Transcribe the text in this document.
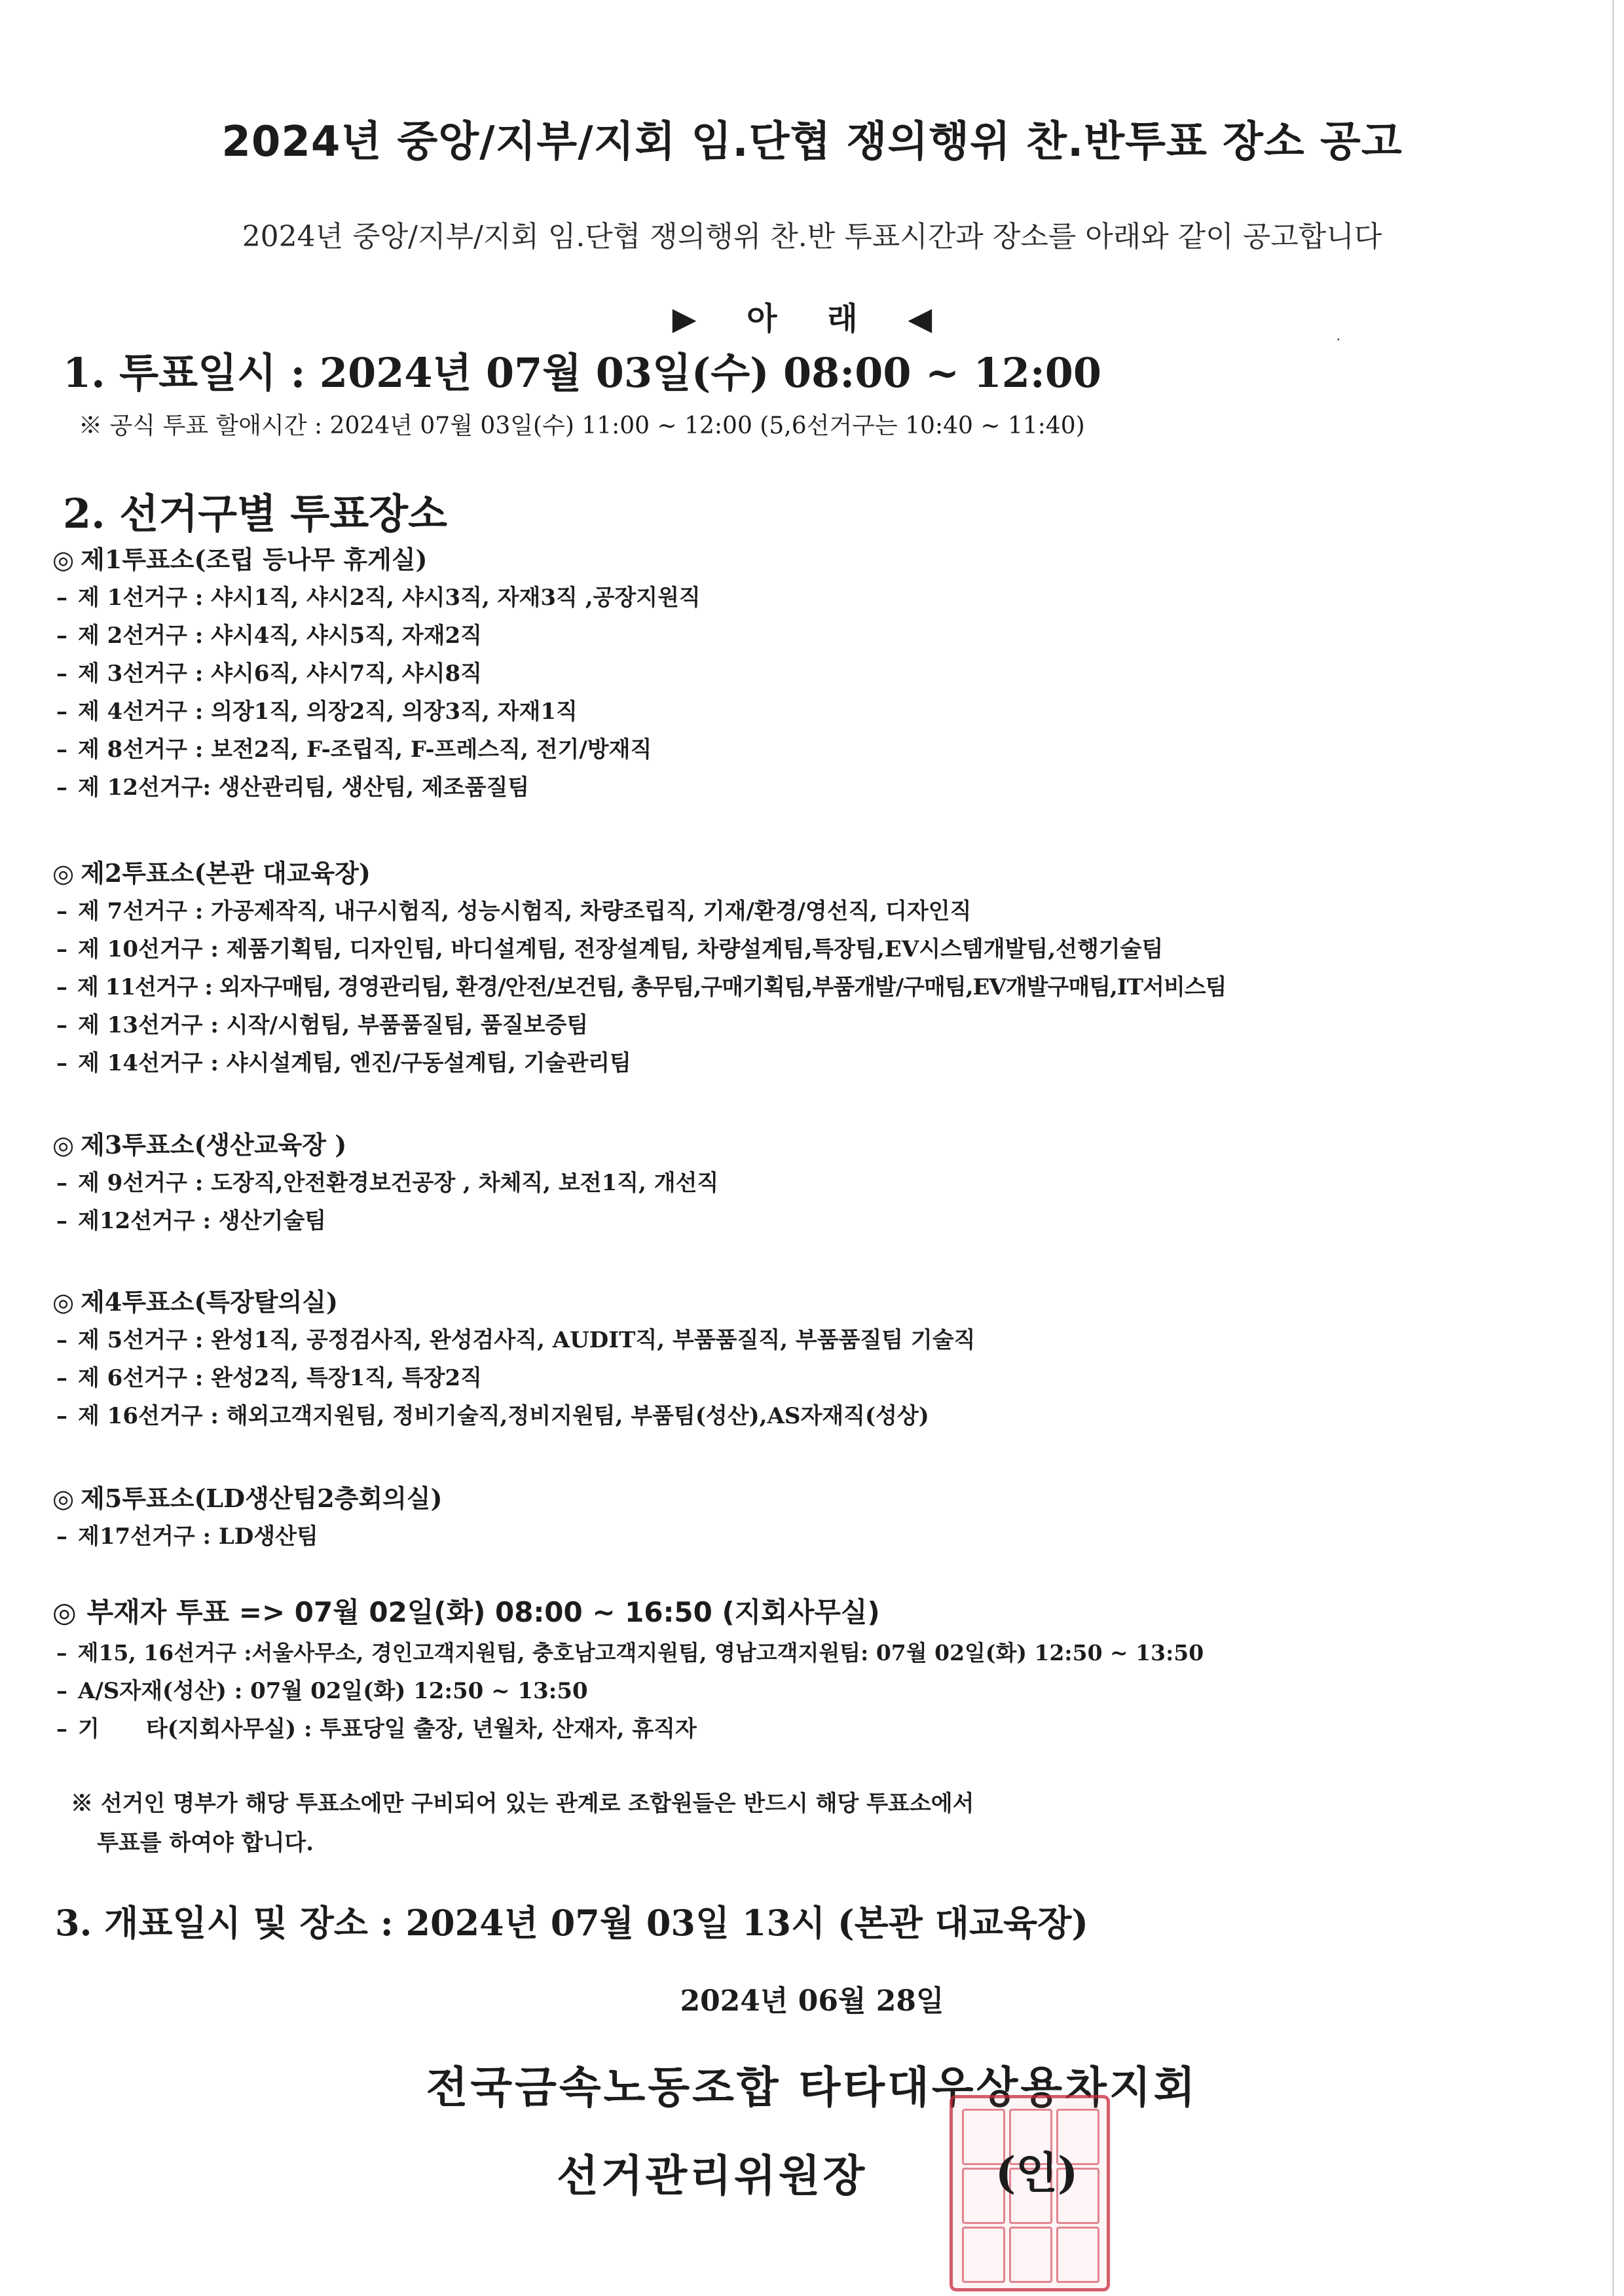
2024년 중앙/지부/지회 임.단협 쟁의행위 찬.반투표 장소 공고
2024년 중앙/지부/지회 임.단협 쟁의행위 찬.반 투표시간과 장소를 아래와 같이 공고합니다
▶ 아 래 ◀
·
1. 투표일시 : 2024년 07월 03일(수) 08:00 ~ 12:00
※ 공식 투표 할애시간 : 2024년 07월 03일(수) 11:00 ~ 12:00 (5,6선거구는 10:40 ~ 11:40)
2. 선거구별 투표장소
◎ 제1투표소(조립 등나무 휴게실)
– 제 1선거구 : 샤시1직, 샤시2직, 샤시3직, 자재3직 ,공장지원직
– 제 2선거구 : 샤시4직, 샤시5직, 자재2직
– 제 3선거구 : 샤시6직, 샤시7직, 샤시8직
– 제 4선거구 : 의장1직, 의장2직, 의장3직, 자재1직
– 제 8선거구 : 보전2직, F-조립직, F-프레스직, 전기/방재직
– 제 12선거구: 생산관리팀, 생산팀, 제조품질팀
◎ 제2투표소(본관 대교육장)
– 제 7선거구 : 가공제작직, 내구시험직, 성능시험직, 차량조립직, 기재/환경/영선직, 디자인직
– 제 10선거구 : 제품기획팀, 디자인팀, 바디설계팀, 전장설계팀, 차량설계팀,특장팀,EV시스템개발팀,선행기술팀
– 제 11선거구 : 외자구매팀, 경영관리팀, 환경/안전/보건팀, 총무팀,구매기획팀,부품개발/구매팀,EV개발구매팀,IT서비스팀
– 제 13선거구 : 시작/시험팀, 부품품질팀, 품질보증팀
– 제 14선거구 : 샤시설계팀, 엔진/구동설계팀, 기술관리팀
◎ 제3투표소(생산교육장 )
– 제 9선거구 : 도장직,안전환경보건공장 , 차체직, 보전1직, 개선직
– 제12선거구 : 생산기술팀
◎ 제4투표소(특장탈의실)
– 제 5선거구 : 완성1직, 공정검사직, 완성검사직, AUDIT직, 부품품질직, 부품품질팀 기술직
– 제 6선거구 : 완성2직, 특장1직, 특장2직
– 제 16선거구 : 해외고객지원팀, 정비기술직,정비지원팀, 부품팀(성산),AS자재직(성상)
◎ 제5투표소(LD생산팀2층회의실)
– 제17선거구 : LD생산팀
◎ 부재자 투표 => 07월 02일(화) 08:00 ~ 16:50 (지회사무실)
– 제15, 16선거구 :서울사무소, 경인고객지원팀, 충호남고객지원팀, 영남고객지원팀: 07월 02일(화) 12:50 ~ 13:50
– A/S자재(성산) : 07월 02일(화) 12:50 ~ 13:50
– 기      타(지회사무실) : 투표당일 출장, 년월차, 산재자, 휴직자
※ 선거인 명부가 해당 투표소에만 구비되어 있는 관계로 조합원들은 반드시 해당 투표소에서
투표를 하여야 합니다.
3. 개표일시 및 장소 : 2024년 07월 03일 13시 (본관 대교육장)
2024년 06월 28일
전국금속노동조합 타타대우상용차지회
선거관리위원장	(인)
